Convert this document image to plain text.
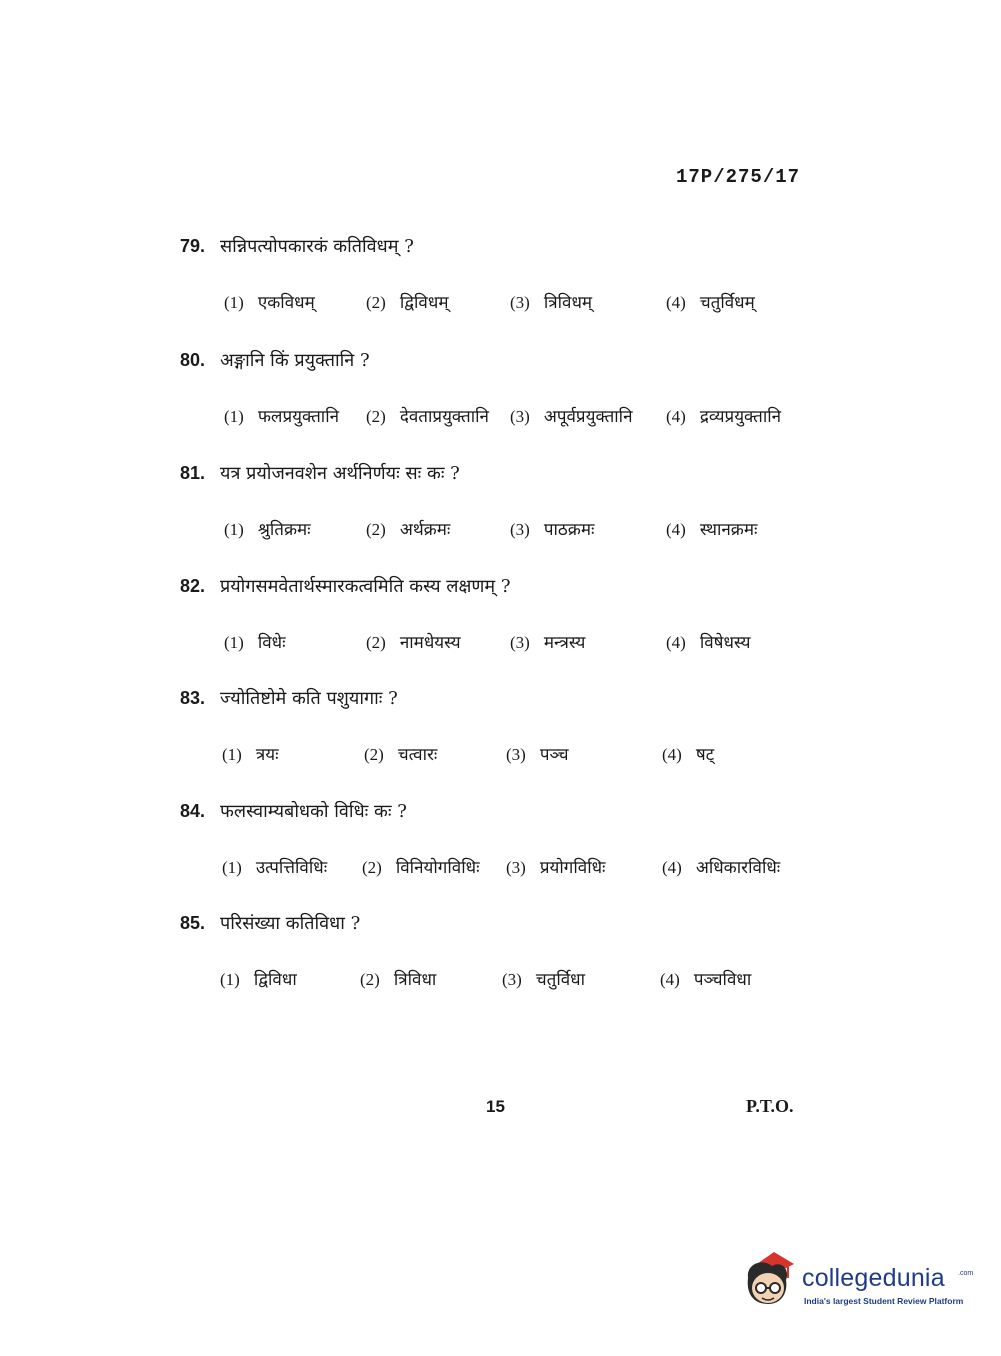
17P/275/17
79. सन्निपत्योपकारकं कतिविधम् ?
(1) एकविधम्	(2) द्विविधम्	(3) त्रिविधम्	(4) चतुर्विधम्
80. अङ्गानि किं प्रयुक्तानि ?
(1) फलप्रयुक्तानि (2) देवताप्रयुक्तानि (3) अपूर्वप्रयुक्तानि (4) द्रव्यप्रयुक्तानि
81. यत्र प्रयोजनवशेन अर्थनिर्णयः सः कः ?
(1) श्रुतिक्रमः	(2) अर्थक्रमः	(3) पाठक्रमः	(4) स्थानक्रमः
82. प्रयोगसमवेतार्थस्मारकत्वमिति कस्य लक्षणम् ?
(1) विधेः	(2) नामधेयस्य	(3) मन्त्रस्य	(4) विषेधस्य
83. ज्योतिष्टोमे कति पशुयागाः ?
(1) त्रयः	(2) चत्वारः	(3) पञ्च	(4) षट्
84. फलस्वाम्यबोधको विधिः कः ?
(1) उत्पत्तिविधिः (2) विनियोगविधिः (3) प्रयोगविधिः	(4) अधिकारविधिः
85. परिसंख्या कतिविधा ?
(1) द्विविधा	(2) त्रिविधा	(3) चतुर्विधा	(4) पञ्चविधा
15	P.T.O.
collegedunia .com
India's largest Student Review Platform
